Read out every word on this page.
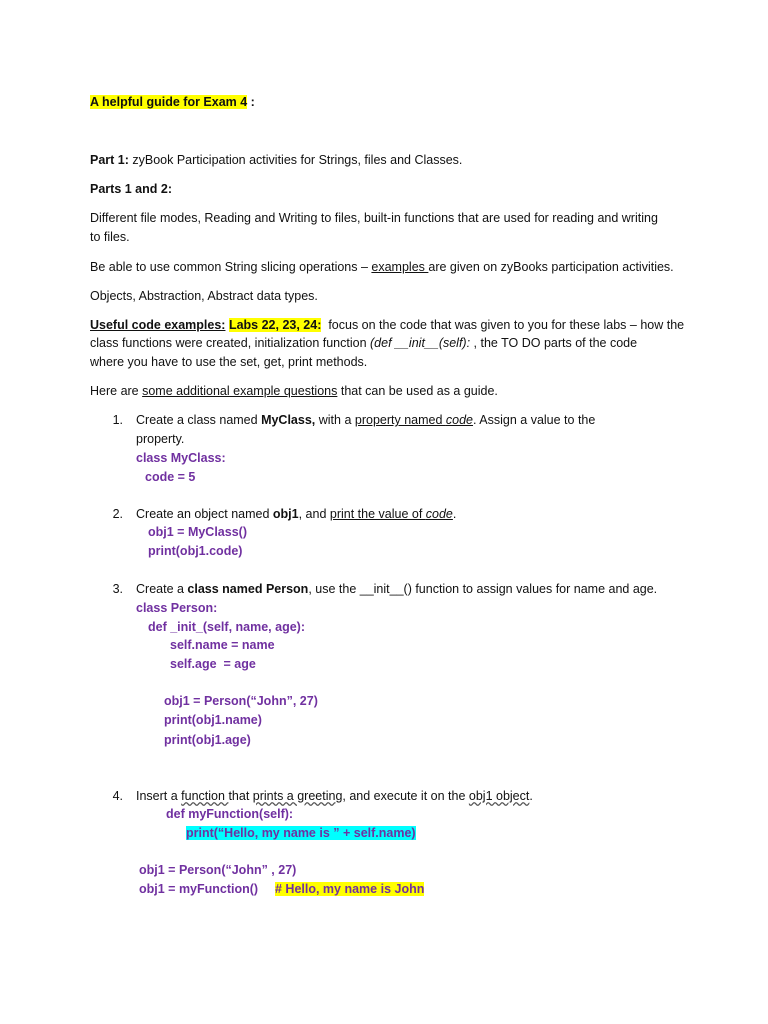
A helpful guide for Exam 4 :
Part 1: zyBook Participation activities for Strings, files and Classes.
Parts 1 and 2:
Different file modes, Reading and Writing to files, built-in functions that are used for reading and writing
to files.
Be able to use common String slicing operations – examples are given on zyBooks participation activities.
Objects, Abstraction, Abstract data types.
Useful code examples: Labs 22, 23, 24:  focus on the code that was given to you for these labs – how the
class functions were created, initialization function (def __init__(self): , the TO DO parts of the code
where you have to use the set, get, print methods.
Here are some additional example questions that can be used as a guide.
1. Create a class named MyClass, with a property named code. Assign a value to the
property.
class MyClass:
code = 5
2. Create an object named obj1, and print the value of code.
obj1 = MyClass()
print(obj1.code)
3. Create a class named Person, use the __init__() function to assign values for name and age.
class Person:
def _init_(self, name, age):
self.name = name
self.age  = age
obj1 = Person(“John”, 27)
print(obj1.name)
print(obj1.age)
4. Insert a function that prints a greeting, and execute it on the obj1 object.
def myFunction(self):
print(“Hello, my name is ” + self.name)
obj1 = Person(“John” , 27)
obj1 = myFunction() # Hello, my name is John
